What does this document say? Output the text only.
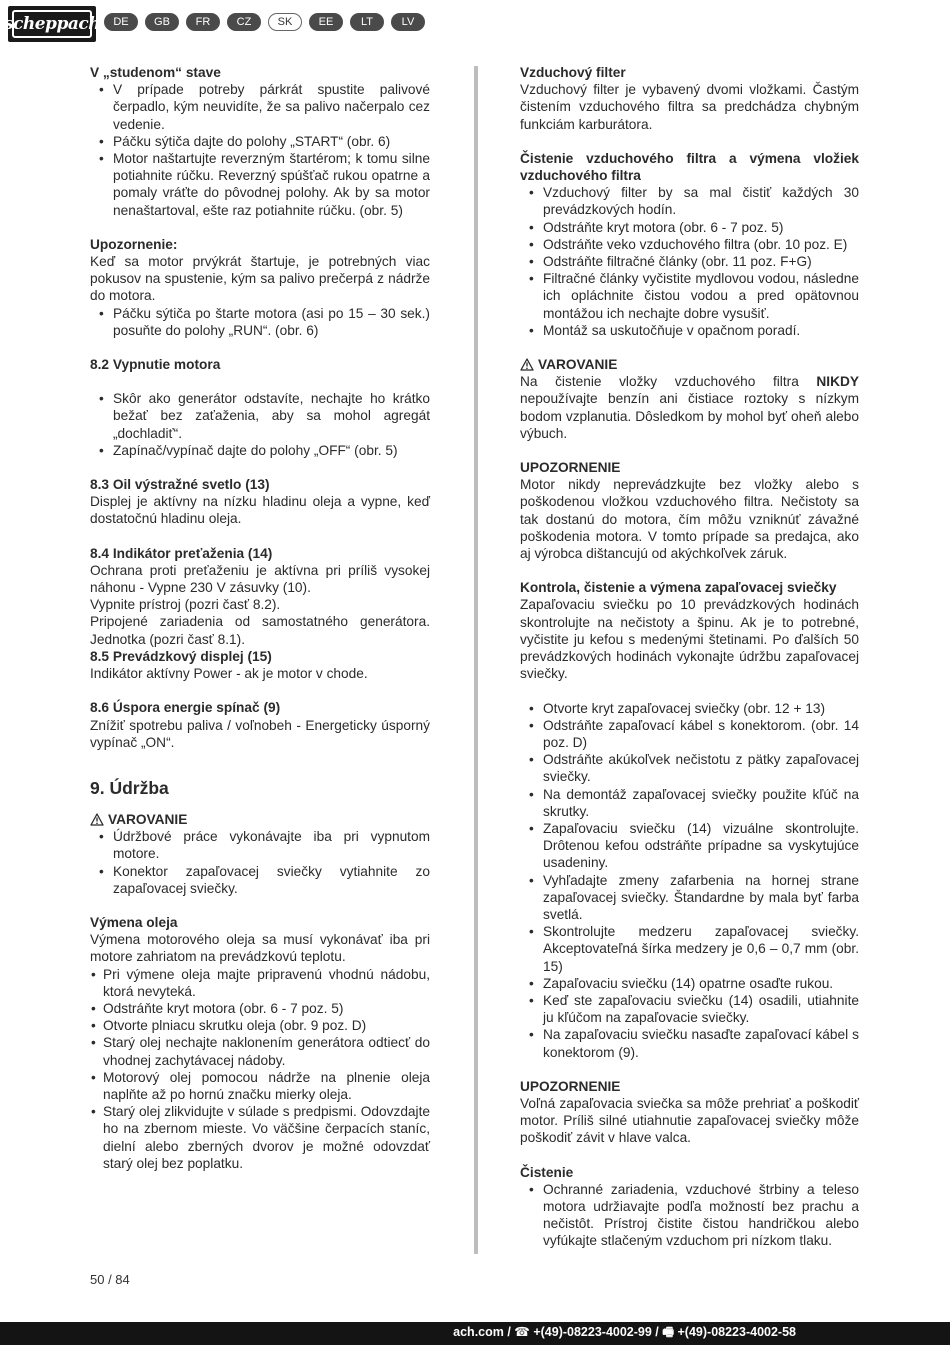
scheppach	DE	GB	FR	CZ	SK	EE	LT	LV

V „studenom“ stave

• V prípade potreby párkrát spustite palivové čerpadlo, kým neuvidíte, že sa palivo načerpalo cez vedenie.
• Páčku sýtiča dajte do polohy „START“ (obr. 6)
• Motor naštartujte reverzným štartérom; k tomu silne potiahnite rúčku. Reverzný spúšťač rukou opatrne a pomaly vráťte do pôvodnej polohy. Ak by sa motor nenaštartoval, ešte raz potiahnite rúčku. (obr. 5)

Upozornenie:

Keď sa motor prvýkrát štartuje, je potrebných viac pokusov na spustenie, kým sa palivo prečerpá z nádrže do motora.

• Páčku sýtiča po štarte motora (asi po 15 – 30 sek.) posuňte do polohy „RUN“. (obr. 6)

8.2 Vypnutie motora

• Skôr ako generátor odstavíte, nechajte ho krátko bežať bez zaťaženia, aby sa mohol agregát „dochladiť“.
• Zapínač/vypínač dajte do polohy „OFF“ (obr. 5)

8.3 Oil výstražné svetlo (13)

Displej je aktívny na nízku hladinu oleja a vypne, keď dostatočnú hladinu oleja.

8.4 Indikátor preťaženia (14)

Ochrana proti preťaženiu je aktívna pri príliš vysokej náhonu - Vypne 230 V zásuvky (10).

Vypnite prístroj (pozri časť 8.2).

Pripojené zariadenia od samostatného generátora. Jednotka (pozri časť 8.1).

8.5 Prevádzkový displej (15)

Indikátor aktívny Power - ak je motor v chode.

8.6 Úspora energie spínač (9)

Znížiť spotrebu paliva / voľnobeh - Energeticky úsporný vypínač „ON“.

9. Údržba

VAROVANIE
• Údržbové práce vykonávajte iba pri vypnutom motore.
• Konektor zapaľovacej sviečky vytiahnite zo zapaľovacej sviečky.

Výmena oleja

Výmena motorového oleja sa musí vykonávať iba pri motore zahriatom na prevádzkovú teplotu.

• Pri výmene oleja majte pripravenú vhodnú nádobu, ktorá nevyteká.
• Odstráňte kryt motora (obr. 6 - 7 poz. 5)
• Otvorte plniacu skrutku oleja (obr. 9 poz. D)
• Starý olej nechajte naklonením generátora odtiecť do vhodnej zachytávacej nádoby.
• Motorový olej pomocou nádrže na plnenie oleja naplňte až po hornú značku mierky oleja.
• Starý olej zlikvidujte v súlade s predpismi. Odovzdajte ho na zbernom mieste. Vo väčšine čerpacích staníc, dielní alebo zberných dvorov je možné odovzdať starý olej bez poplatku.

Vzduchový filter

Vzduchový filter je vybavený dvomi vložkami. Častým čistením vzduchového filtra sa predchádza chybným funkciám karburátora.

Čistenie vzduchového filtra a výmena vložiek vzduchového filtra

• Vzduchový filter by sa mal čistiť každých 30 prevádzkových hodín.
• Odstráňte kryt motora (obr. 6 - 7 poz. 5)
• Odstráňte veko vzduchového filtra (obr. 10 poz. E)
• Odstráňte filtračné články (obr. 11 poz. F+G)
• Filtračné články vyčistite mydlovou vodou, následne ich opláchnite čistou vodou a pred opätovnou montážou ich nechajte dobre vysušiť.
• Montáž sa uskutočňuje v opačnom poradí.
VAROVANIE

Na čistenie vložky vzduchového filtra NIKDY nepoužívajte benzín ani čistiace roztoky s nízkym bodom vzplanutia. Dôsledkom by mohol byť oheň alebo výbuch.

UPOZORNENIE

Motor nikdy neprevádzkujte bez vložky alebo s poškodenou vložkou vzduchového filtra. Nečistoty sa tak dostanú do motora, čím môžu vzniknúť závažné poškodenia motora. V tomto prípade sa predajca, ako aj výrobca dištancujú od akýchkoľvek záruk.

Kontrola, čistenie a výmena zapaľovacej sviečky

Zapaľovaciu sviečku po 10 prevádzkových hodinách skontrolujte na nečistoty a špinu. Ak je to potrebné, vyčistite ju kefou s medenými štetinami. Po ďalších 50 prevádzkových hodinách vykonajte údržbu zapaľovacej sviečky.

• Otvorte kryt zapaľovacej sviečky (obr. 12 + 13)
• Odstráňte zapaľovací kábel s konektorom. (obr. 14 poz. D)
• Odstráňte akúkoľvek nečistotu z pätky zapaľovacej sviečky.
• Na demontáž zapaľovacej sviečky použite kľúč na skrutky.
• Zapaľovaciu sviečku (14) vizuálne skontrolujte. Drôtenou kefou odstráňte prípadne sa vyskytujúce usadeniny.
• Vyhľadajte zmeny zafarbenia na hornej strane zapaľovacej sviečky. Štandardne by mala byť farba svetlá.
• Skontrolujte medzeru zapaľovacej sviečky. Akceptovateľná šírka medzery je 0,6 – 0,7 mm (obr. 15)
• Zapaľovaciu sviečku (14) opatrne osaďte rukou.
• Keď ste zapaľovaciu sviečku (14) osadili, utiahnite ju kľúčom na zapaľovacie sviečky.
• Na zapaľovaciu sviečku nasaďte zapaľovací kábel s konektorom (9).

UPOZORNENIE

Voľná zapaľovacia sviečka sa môže prehriať a poškodiť motor. Príliš silné utiahnutie zapaľovacej sviečky môže poškodiť závit v hlave valca.

Čistenie

• Ochranné zariadenia, vzduchové štrbiny a teleso motora udržiavajte podľa možností bez prachu a nečistôt. Prístroj čistite čistou handričkou alebo vyfúkajte stlačeným vzduchom pri nízkom tlaku.
50 / 84
ach.com / ☎ +(49)-08223-4002-99 / 🖷 +(49)-08223-4002-58
